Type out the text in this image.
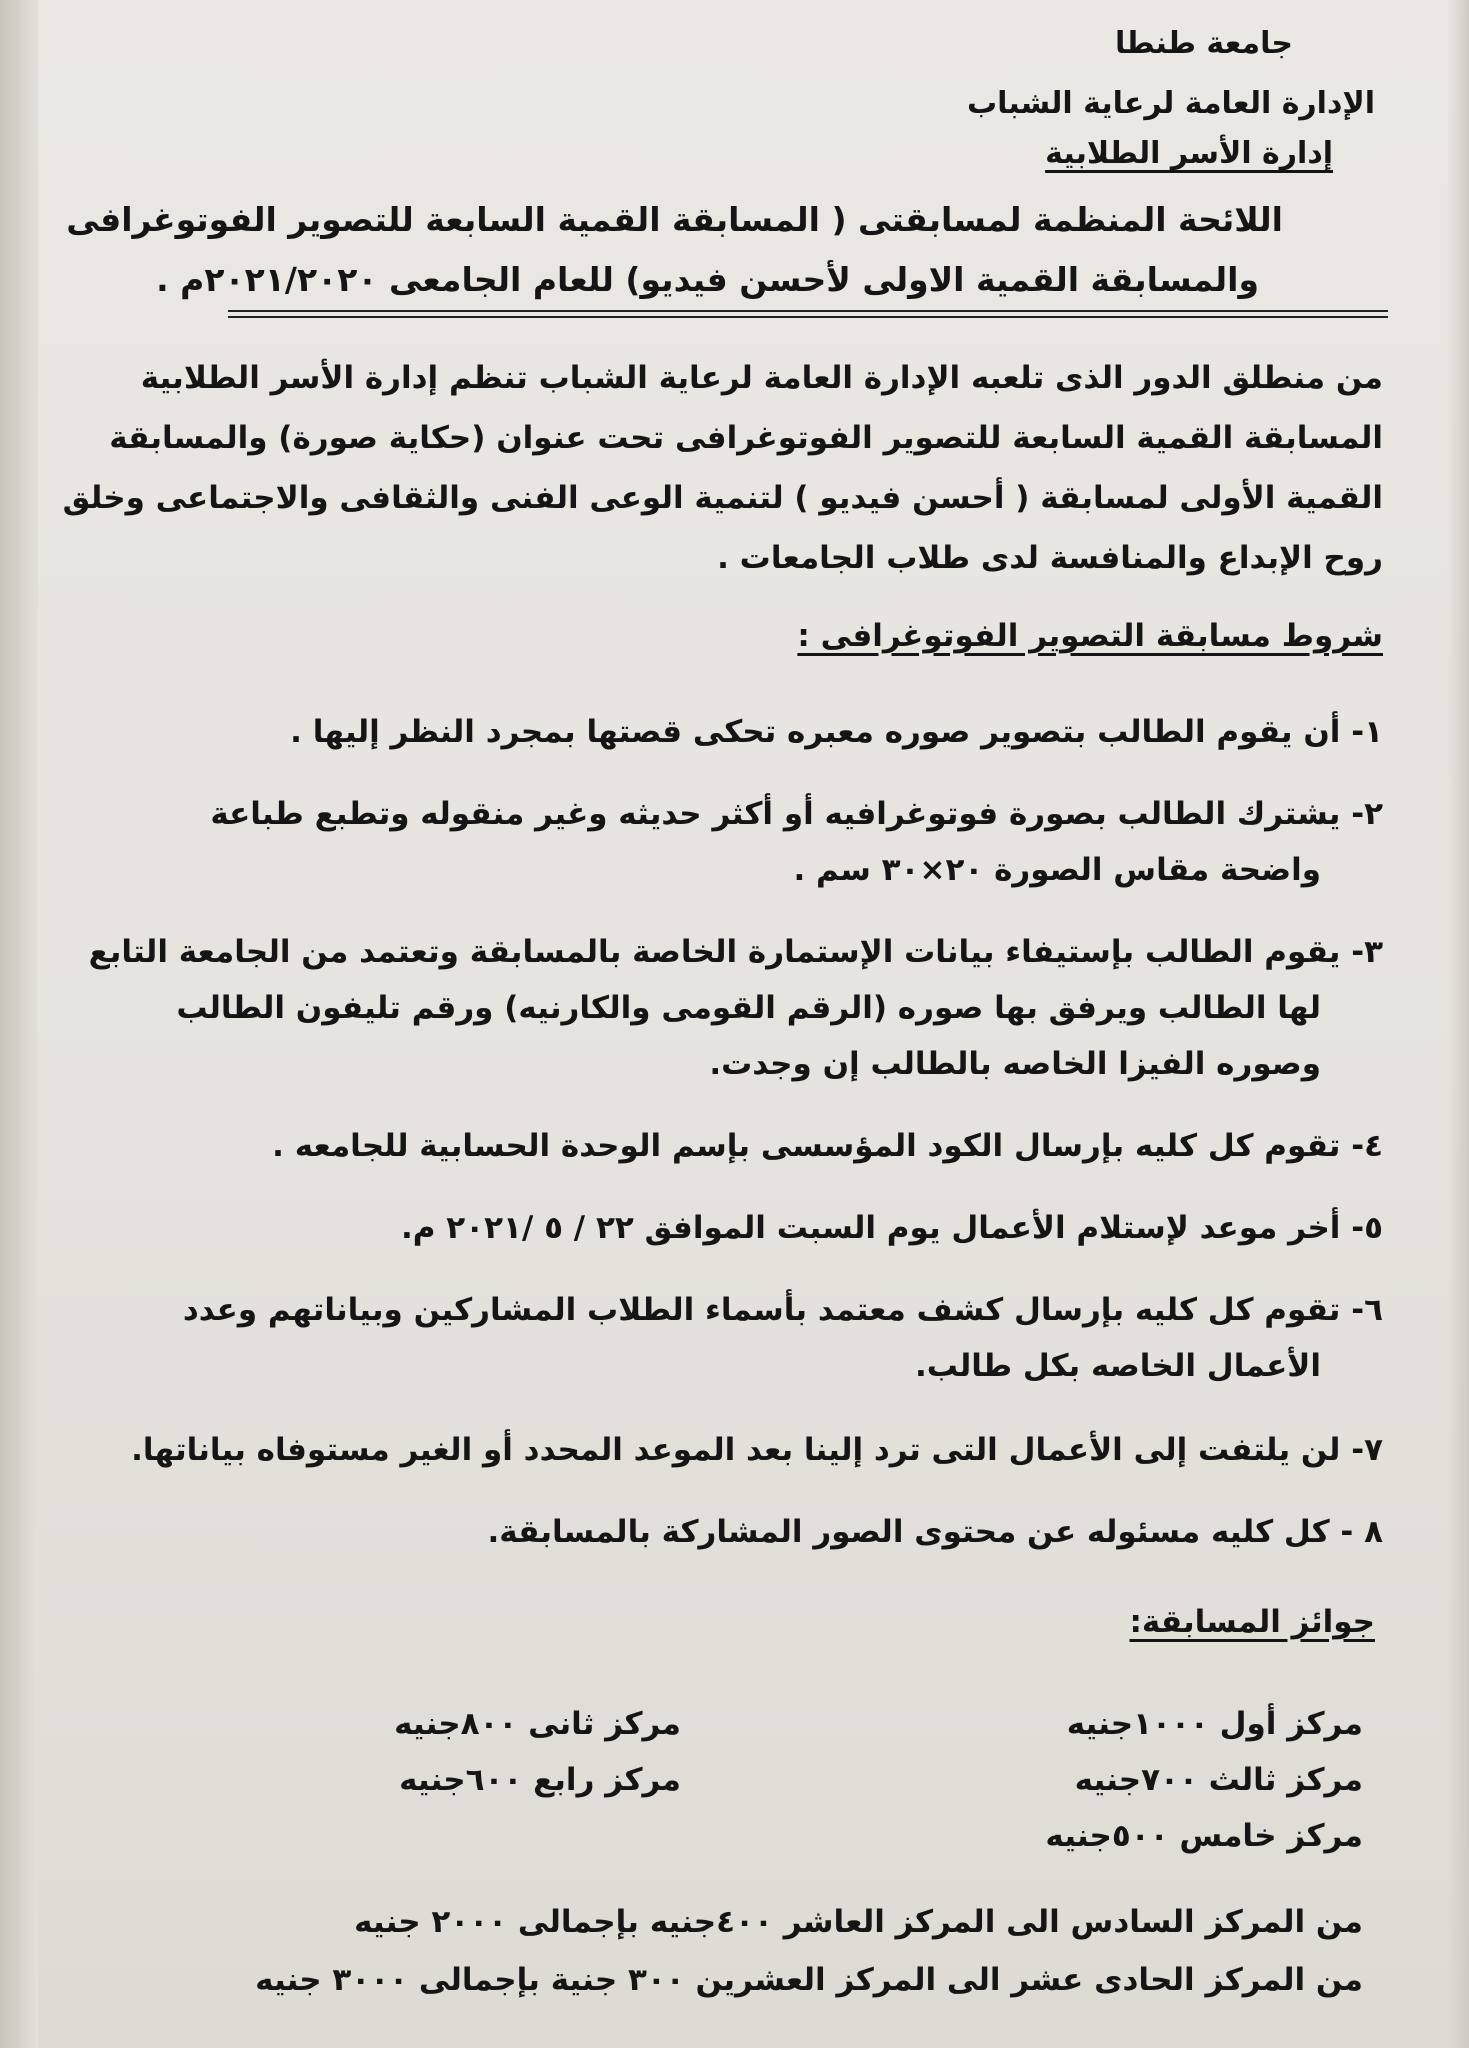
جامعة طنطا
الإدارة العامة لرعاية الشباب
إدارة الأسر الطلابية
اللائحة المنظمة لمسابقتى ( المسابقة القمية السابعة للتصوير الفوتوغرافى
والمسابقة القمية الاولى لأحسن فيديو) للعام الجامعى ٢٠٢١/٢٠٢٠م .
من منطلق الدور الذى تلعبه الإدارة العامة لرعاية الشباب تنظم إدارة الأسر الطلابية
المسابقة القمية السابعة للتصوير الفوتوغرافى تحت عنوان (حكاية صورة) والمسابقة
القمية الأولى لمسابقة ( أحسن فيديو ) لتنمية الوعى الفنى والثقافى والاجتماعى وخلق
روح الإبداع والمنافسة لدى طلاب الجامعات .
شروط مسابقة التصوير الفوتوغرافى :
١- أن يقوم الطالب بتصوير صوره معبره تحكى قصتها بمجرد النظر إليها .
٢- يشترك الطالب بصورة فوتوغرافيه أو أكثر حديثه وغير منقوله وتطبع طباعة
واضحة مقاس الصورة ٢٠×٣٠ سم .
٣- يقوم الطالب بإستيفاء بيانات الإستمارة الخاصة بالمسابقة وتعتمد من الجامعة التابع
لها الطالب ويرفق بها صوره (الرقم القومى والكارنيه) ورقم تليفون الطالب
وصوره الفيزا الخاصه بالطالب إن وجدت.
٤- تقوم كل كليه بإرسال الكود المؤسسى بإسم الوحدة الحسابية للجامعه .
٥- أخر موعد لإستلام الأعمال يوم السبت الموافق ٢٢ / ٥ /٢٠٢١ م.
٦- تقوم كل كليه بإرسال كشف معتمد بأسماء الطلاب المشاركين وبياناتهم وعدد
الأعمال الخاصه بكل طالب.
٧- لن يلتفت إلى الأعمال التى ترد إلينا بعد الموعد المحدد أو الغير مستوفاه بياناتها.
٨ - كل كليه مسئوله عن محتوى الصور المشاركة بالمسابقة.
جوائز المسابقة:
مركز أول ١٠٠٠جنيه
مركز ثانى ٨٠٠جنيه
مركز ثالث ٧٠٠جنيه
مركز رابع ٦٠٠جنيه
مركز خامس ٥٠٠جنيه
من المركز السادس الى المركز العاشر ٤٠٠جنيه بإجمالى ٢٠٠٠ جنيه
من المركز الحادى عشر الى المركز العشرين ٣٠٠ جنية بإجمالى ٣٠٠٠ جنيه
